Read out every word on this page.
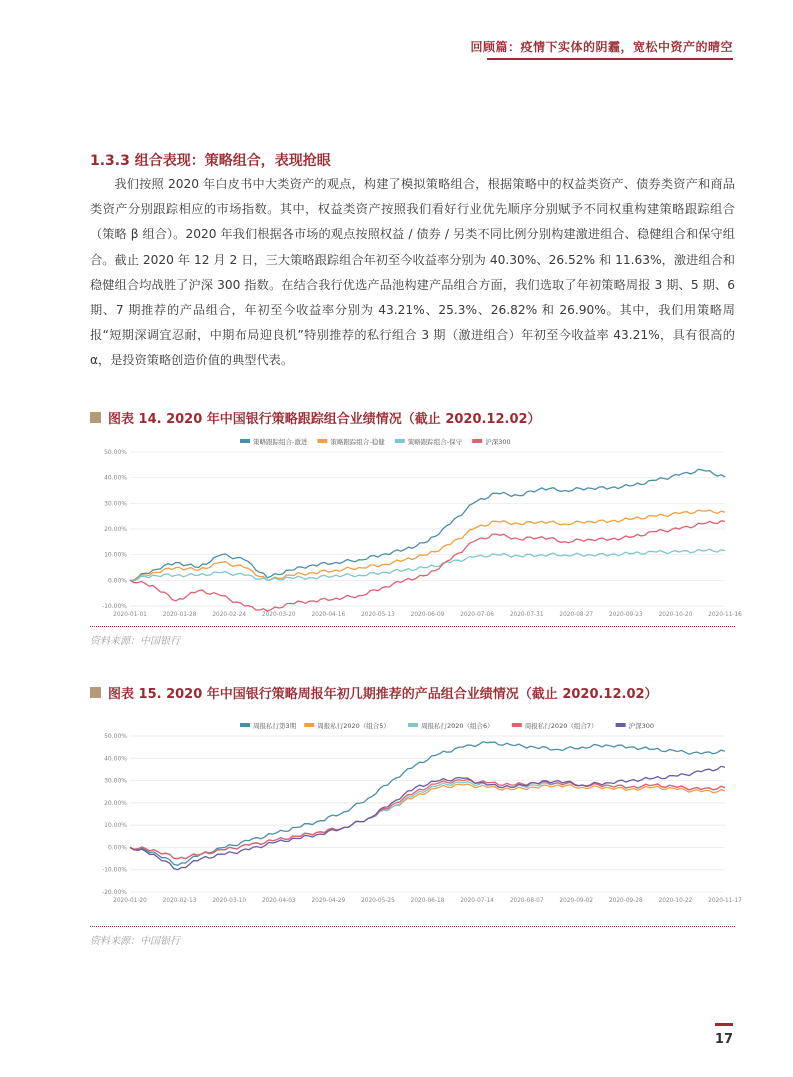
回顾篇：疫情下实体的阴霾，宽松中资产的晴空
1.3.3 组合表现：策略组合，表现抢眼

我们按照 2020 年白皮书中大类资产的观点，构建了模拟策略组合，根据策略中的权益类资产、债券类资产和商品类资产分别跟踪相应的市场指数。其中，权益类资产按照我们看好行业优先顺序分别赋予不同权重构建策略跟踪组合（策略 β 组合）。2020 年我们根据各市场的观点按照权益 / 债券 / 另类不同比例分别构建激进组合、稳健组合和保守组合。截止 2020 年 12 月 2 日，三大策略跟踪组合年初至今收益率分别为 40.30%、26.52% 和 11.63%，激进组合和稳健组合均战胜了沪深 300 指数。在结合我行优选产品池构建产品组合方面，我们选取了年初策略周报 3 期、5 期、6 期、7 期推荐的产品组合，年初至今收益率分别为 43.21%、25.3%、26.82% 和 26.90%。其中，我们用策略周报“短期深调宜忍耐，中期布局迎良机”特别推荐的私行组合 3 期（激进组合）年初至今收益率 43.21%，具有很高的 α，是投资策略创造价值的典型代表。

图表 14. 2020 年中国银行策略跟踪组合业绩情况（截止 2020.12.02）
策略跟踪组合-激进	策略跟踪组合-稳健	策略跟踪组合-保守	沪深300
50.00%
40.00%
30.00%
20.00%
10.00%
0.00%
-10.00%
2020-01-01	2020-01-28	2020-02-24	2020-03-20	2020-04-16	2020-05-13	2020-06-09	2020-07-06	2020-07-31	2020-08-27	2020-09-23	2020-10-20	2020-11-16
资料来源：中国银行
图表 15. 2020 年中国银行策略周报年初几期推荐的产品组合业绩情况（截止 2020.12.02）
周报私行第3期	周报私行2020（组合5）	周报私行2020（组合6）	周报私行2020（组合7）	沪深300
50.00%
40.00%
30.00%
20.00%
10.00%
0.00%
-10.00%
-20.00%
2020-01-20	2020-02-13	2020-03-10	2020-04-03	2020-04-29	2020-05-25	2020-06-18	2020-07-14	2020-08-07	2020-09-02	2020-09-28	2020-10-22	2020-11-17
资料来源：中国银行
17
